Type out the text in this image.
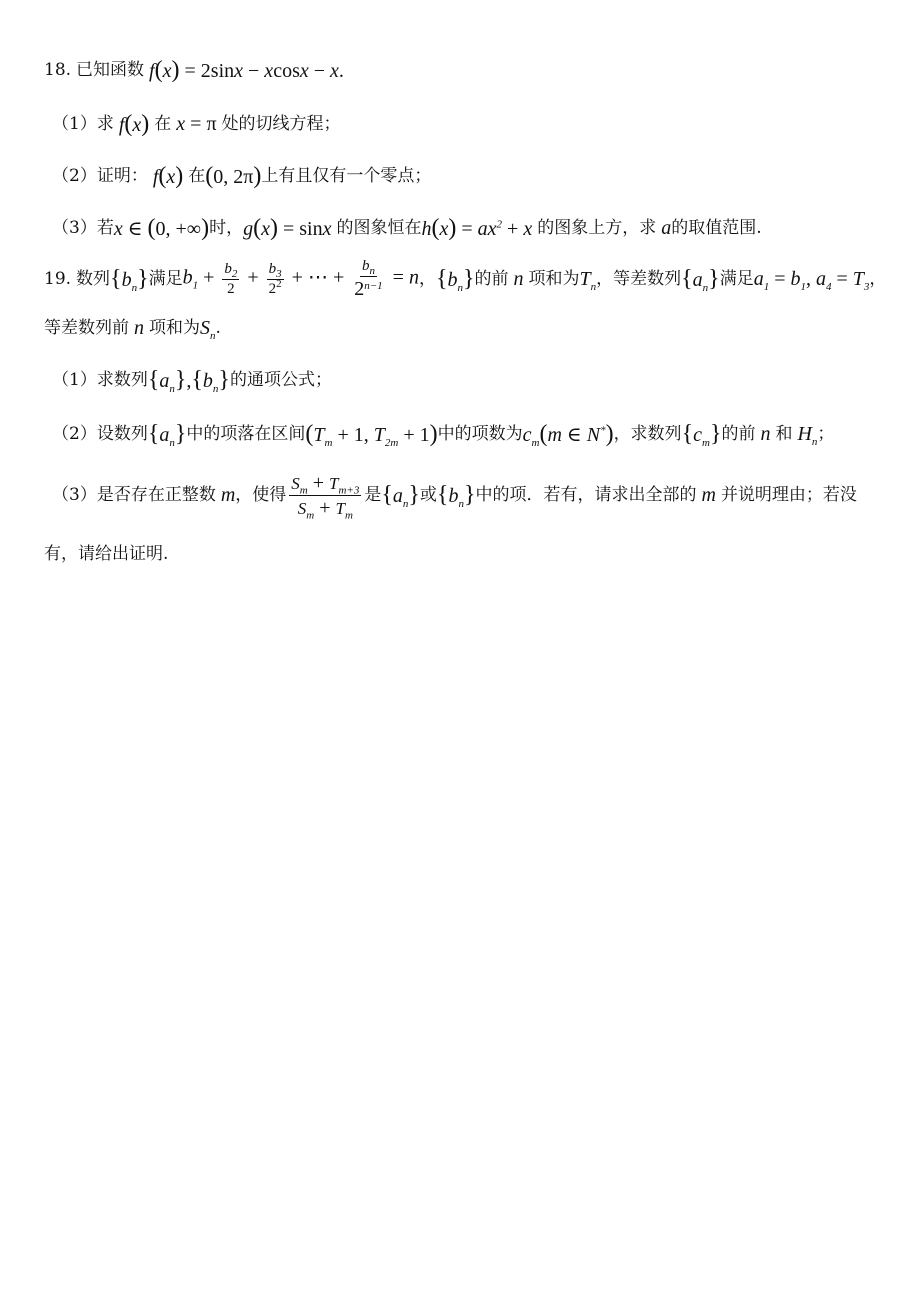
18. 已知函数 f(x) = 2sinx − xcosx − x.
（1） 求 f(x) 在 x = π 处的切线方程；
（2） 证明： f(x) 在 (0, 2π) 上有且仅有一个零点；
（3） 若 x ∈ (0, +∞) 时， g(x) = sinx 的图象恒在 $h(x) = ax^2 + x$ 的图象上方，求 a 的取值范围.
19. 数列 $\{b_n\}$ 满足 $b_1 + \frac{b_2}{2} + \frac{b_3}{2^2}$ + ⋯ + $\frac{b_n}{2^{n-1}} = n$ ， $\{b_n\}$ 的前 n 项和为 $T_n$ ，等差数列 $\{a_n\}$ 满足 $a_1 = b_1$, $a_4 = T_3$ ，
等差数列前 n 项和为 $S_n$ .
（1） 求数列 $\{a_n\},\{b_n\}$ 的通项公式；
（2） 设数列 $\{a_n\}$ 中的项落在区间 ($T_m + 1$, $T_{2m} + 1$) 中的项数为 $c_m(m$ ∈ N*) ，求数列 $\{c_m\}$ 的前 n 和 $H_n$ ；
（3） 是否存在正整数 m ，使得 $\frac{S_m + T_{m+3}}{S_m + T_m}$ 是 $\{a_n\}$ 或 $\{b_n\}$ 中的项．若有，请求出全部的 m 并说明理由；若没
有，请给出证明.
